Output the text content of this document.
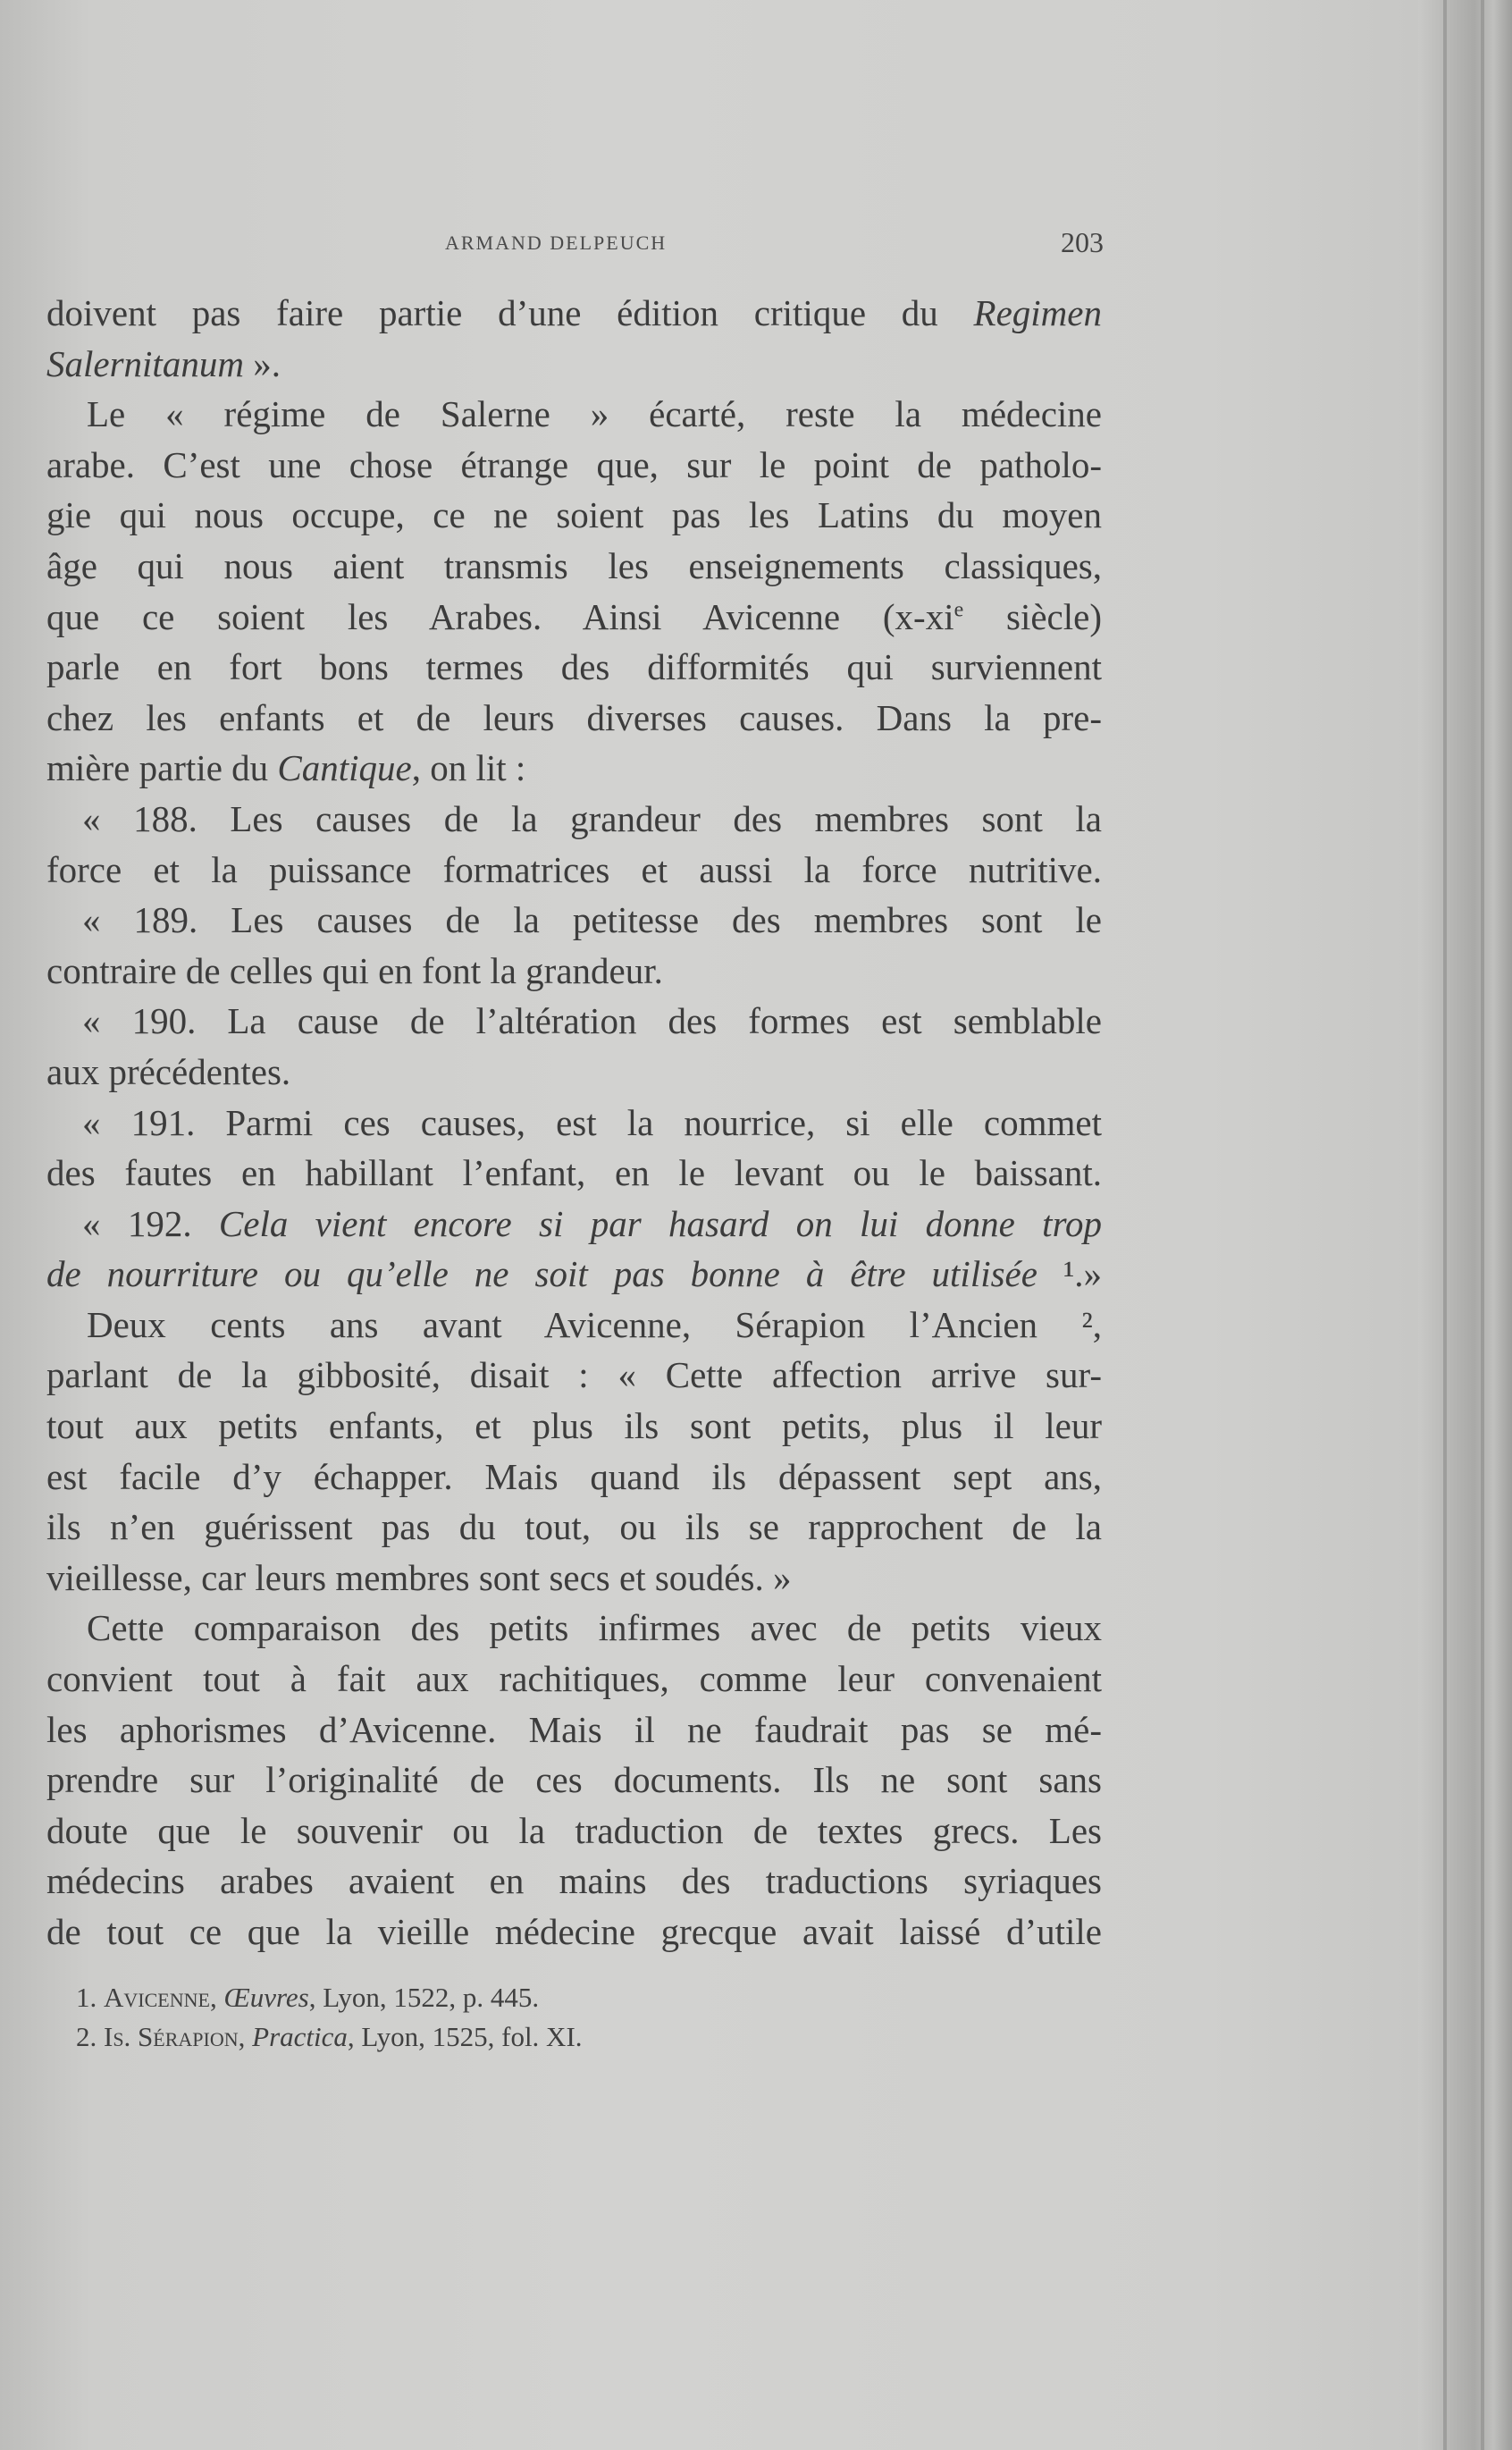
ARMAND DELPEUCH	203
doivent pas faire partie d’une édition critique du Regimen
Salernitanum ».
Le « régime de Salerne » écarté, reste la médecine
arabe. C’est une chose étrange que, sur le point de patholo-
gie qui nous occupe, ce ne soient pas les Latins du moyen
âge qui nous aient transmis les enseignements classiques,
que ce soient les Arabes. Ainsi Avicenne ($x-xi^e$ siècle)
parle en fort bons termes des difformités qui surviennent
chez les enfants et de leurs diverses causes. Dans la pre-
mière partie du Cantique, on lit :
« 188. Les causes de la grandeur des membres sont la
force et la puissance formatrices et aussi la force nutritive.
« 189. Les causes de la petitesse des membres sont le
contraire de celles qui en font la grandeur.
« 190. La cause de l’altération des formes est semblable
aux précédentes.
« 191. Parmi ces causes, est la nourrice, si elle commet
des fautes en habillant l’enfant, en le levant ou le baissant.
« 192. Cela vient encore si par hasard on lui donne trop
de nourriture ou qu’elle ne soit pas bonne à être utilisée ¹.»
Deux cents ans avant Avicenne, Sérapion l’Ancien ²,
parlant de la gibbosité, disait : « Cette affection arrive sur-
tout aux petits enfants, et plus ils sont petits, plus il leur
est facile d’y échapper. Mais quand ils dépassent sept ans,
ils n’en guérissent pas du tout, ou ils se rapprochent de la
vieillesse, car leurs membres sont secs et soudés. »
Cette comparaison des petits infirmes avec de petits vieux
convient tout à fait aux rachitiques, comme leur convenaient
les aphorismes d’Avicenne. Mais il ne faudrait pas se mé-
prendre sur l’originalité de ces documents. Ils ne sont sans
doute que le souvenir ou la traduction de textes grecs. Les
médecins arabes avaient en mains des traductions syriaques
de tout ce que la vieille médecine grecque avait laissé d’utile
1. Avicenne, Œuvres, Lyon, 1522, p. 445.
2. Is. Sérapion, Practica, Lyon, 1525, fol. XI.
